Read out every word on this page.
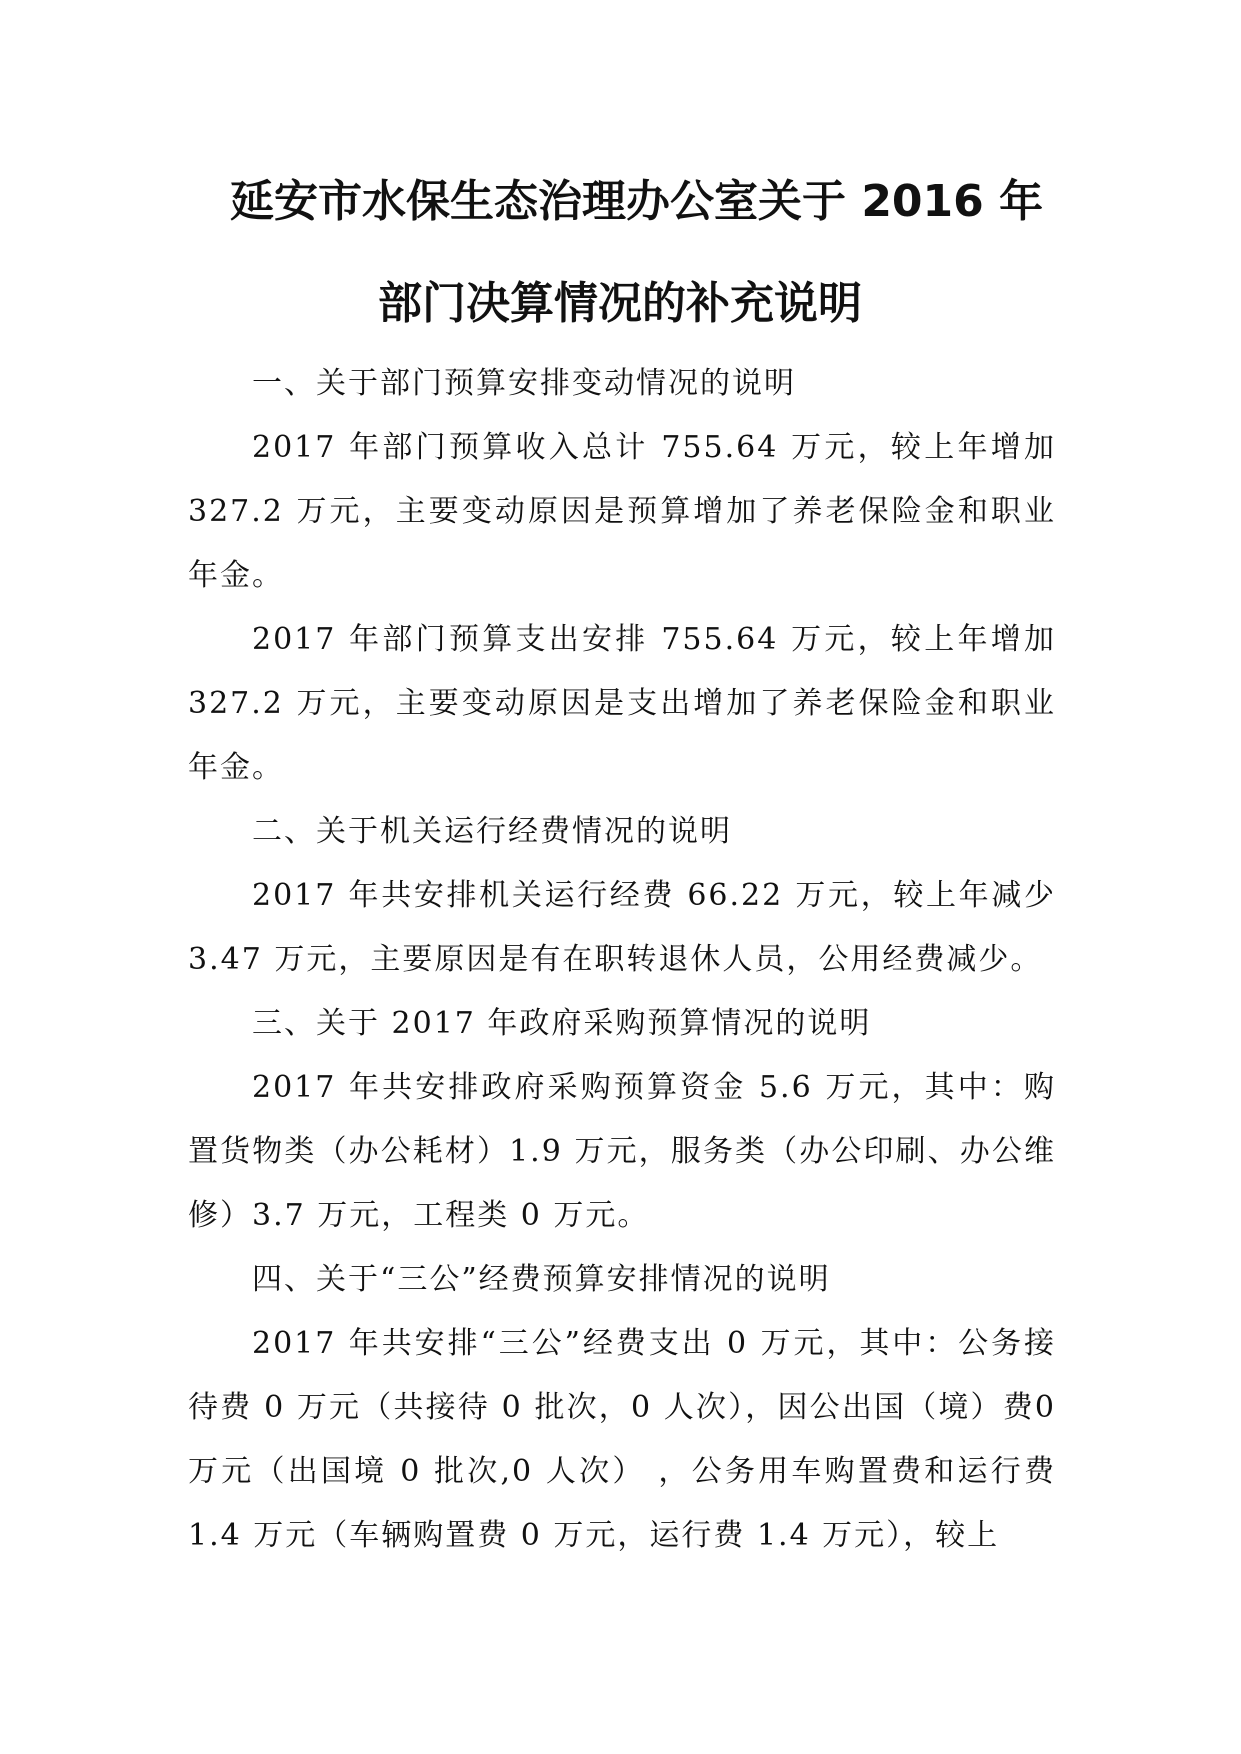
延安市水保生态治理办公室关于 2016 年
部门决算情况的补充说明

一、关于部门预算安排变动情况的说明

2017 年部门预算收入总计 755.64 万元，较上年增加327.2 万元，主要变动原因是预算增加了养老保险金和职业年金。

2017 年部门预算支出安排 755.64 万元，较上年增加327.2 万元，主要变动原因是支出增加了养老保险金和职业年金。

二、关于机关运行经费情况的说明

2017 年共安排机关运行经费 66.22 万元，较上年减少3.47 万元，主要原因是有在职转退休人员，公用经费减少。

三、关于 2017 年政府采购预算情况的说明

2017 年共安排政府采购预算资金 5.6 万元，其中：购置货物类（办公耗材）1.9 万元，服务类（办公印刷、办公维修）3.7 万元，工程类 0 万元。

四、关于“三公”经费预算安排情况的说明

2017 年共安排“三公”经费支出 0 万元，其中：公务接待费 0 万元（共接待 0 批次，0 人次），因公出国（境）费0 万元（出国境 0 批次,0 人次） ，公务用车购置费和运行费 1.4 万元（车辆购置费 0 万元，运行费 1.4 万元），较上
